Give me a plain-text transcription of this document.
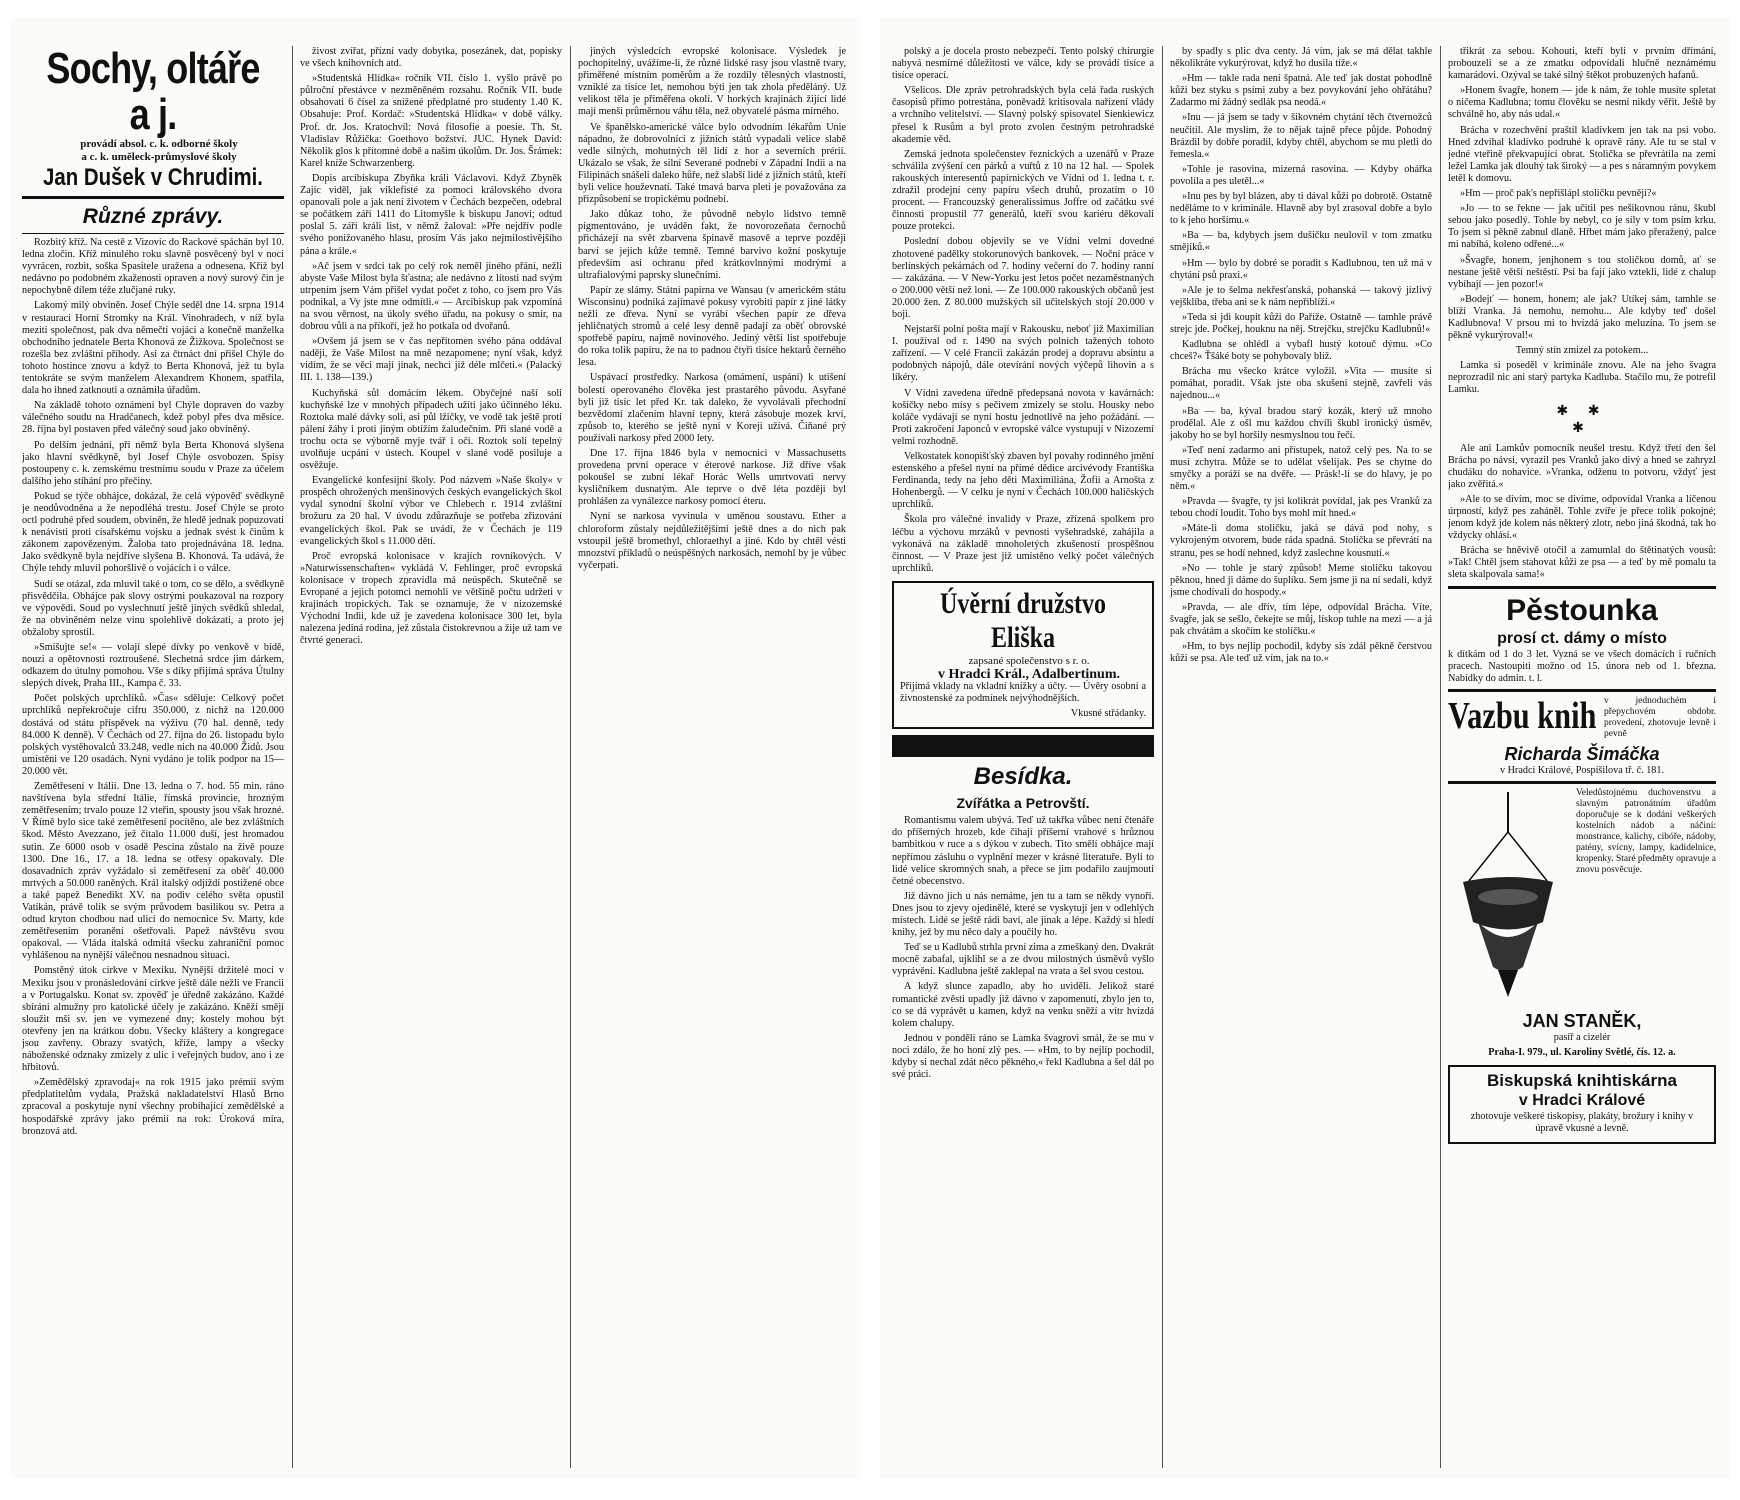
Sochy, oltáře a j.

provádí absol. c. k. odborné školy

a c. k. uměleck-průmyslové školy

Jan Dušek v Chrudimi.
Různé zprávy.

Rozbitý kříž. Na cestě z Vizovic do Rackové spáchán byl 10. ledna zločin. Kříž minulého roku slavně posvěcený byl v noci vyvrácen, rozbit, soška Spasitele uražena a odnesena. Kříž byl nedávno po podobném zkaženosti opraven a nový surový čin je nepochybně dílem téže zlučjané ruky.

Lakomý milý obviněn. Josef Chýle seděl dne 14. srpna 1914 v restauraci Horní Stromky na Král. Vinohradech, v níž byla mezití společnost, pak dva němečtí vojáci a konečně manželka obchodního jednatele Berta Khonová ze Žižkova. Společnost se rozešla bez zvláštní příhody. Asi za čtrnáct dní přišel Chýle do tohoto hostince znovu a když to Berta Khonová, jež tu byla tentokráte se svým manželem Alexandrem Khonem, spatřila, dala ho ihned zatknouti a oznámila úřadům.

Na základě tohoto oznámení byl Chýle dopraven do vazby válečného soudu na Hradčanech, kdež pobyl přes dva měsíce. 28. října byl postaven před válečný soud jako obviněný.

Po delším jednání, při němž byla Berta Khonová slyšena jako hlavní svědkyně, byl Josef Chýle osvobozen. Spisy postoupeny c. k. zemskému trestnímu soudu v Praze za účelem dalšího jeho stíhání pro přečiny.

Pokud se týče obhájce, dokázal, že celá výpověď svědkyně je neodůvodněna a že nepodléhá trestu. Josef Chýle se proto octl podruhé před soudem, obviněn, že hledě jednak popuzovati k nenávisti proti císařskému vojsku a jednak svést k činům k zákonem zapovězeným. Žaloba tato projednávána 18. ledna. Jako svědkyně byla nejdříve slyšena B. Khonová. Ta udává, že Chýle tehdy mluvil pohoršlivě o vojácích i o válce.

Sudí se otázal, zda mluvil také o tom, co se dělo, a svědkyně přisvědčila. Obhájce pak slovy ostrými poukazoval na rozpory ve výpovědi. Soud po vyslechnutí ještě jiných svědků shledal, že na obviněném nelze vinu spolehlivě dokázati, a proto jej obžaloby sprostil.

»Smíšujte se!« — volají slepé dívky po venkově v bídě, nouzi a opětovnosti roztroušené. Slechetná srdce jim dárkem, odkazem do útulny pomohou. Vše s díky přijímá správa Útulny slepých dívek, Praha III., Kampa č. 33.

Počet polských uprchlíků. »Čas« sděluje: Celkový počet uprchlíků nepřekročuje cifru 350.000, z nichž na 120.000 dostává od státu příspěvek na výživu (70 hal. denně, tedy 84.000 K denně). V Čechách od 27. října do 26. listopadu bylo polských vystěhovalců 33.248, vedle nich na 40.000 Židů. Jsou umístěni ve 120 osadách. Nyní vydáno je tolik podpor na 15—20.000 vět.

Zemětřesení v Itálii. Dne 13. ledna o 7. hod. 55 min. ráno navštívena byla střední Itálie, římská provincie, hrozným zemětřesením; trvalo pouze 12 vteřin, spousty jsou však hrozné. V Římě bylo sice také zemětřesení pocítěno, ale bez zvláštních škod. Město Avezzano, jež čítalo 11.000 duší, jest hromadou sutin. Ze 6000 osob v osadě Pescina zůstalo na živě pouze 1300. Dne 16., 17. a 18. ledna se otřesy opakovaly. Dle dosavadních zpráv vyžádalo si zemětřesení za oběť 40.000 mrtvých a 50.000 raněných. Král italský odjíždí postižené obce a také papež Benedikt XV. na podiv celého světa opustil Vatikán, právě tolik se svým průvodem basilikou sv. Petra a odtud kryton chodbou nad ulicí do nemocnice Sv. Marty, kde zemětřesením poranění ošetřovali. Papež návštěvu svou opakoval. — Vláda italská odmítá všecku zahraniční pomoc vyhlášenou na nynější válečnou nesnadnou situaci.

Pomstěný útok církve v Mexiku. Nynější držitelé moci v Mexiku jsou v pronásledování církve ještě dále nežli ve Francii a v Portugalsku. Konat sv. zpověď je úředně zakázáno. Každé sbírání almužny pro katolické účely je zakázáno. Kněží smějí sloužit mši sv. jen ve vymezené dny; kostely mohou být otevřeny jen na krátkou dobu. Všecky kláštery a kongregace jsou zavřeny. Obrazy svatých, kříže, lampy a všecky náboženské odznaky zmizely z ulic i veřejných budov, ano i ze hřbitovů.

»Zemědělský zpravodaj« na rok 1915 jako prémií svým předplatitelům vydala, Pražská nakladatelství Hlasů Brno zpracoval a poskytuje nyní všechny probíhající zemědělské a hospodářské zprávy jako prémií na rok: Úroková míra, bronzová atd.

živost zvířat, přízní vady dobytka, posezánek, dat, popisky ve všech knihovních atd.

»Studentská Hlídka« ročník VII. číslo 1. vyšlo právě po půlroční přestávce v nezměněném rozsahu. Ročník VII. bude obsahovati 6 čísel za snížené předplatné pro studenty 1.40 K. Obsahuje: Prof. Kordač: »Studentská Hlídka« v době války. Prof. dr. Jos. Kratochvíl: Nová filosofie a poesie. Th. St. Vladislav Růžička: Goethovo božství. JUC. Hynek David: Několik glos k přítomné době a našim úkolům. Dr. Jos. Šrámek: Karel kníže Schwarzenberg.

Dopis arcibiskupa Zbyňka králi Václavovi. Když Zbyněk Zajíc viděl, jak viklefisté za pomoci královského dvora opanovali pole a jak není životem v Čechách bezpečen, odebral se počátkem září 1411 do Litomyšle k biskupu Janovi; odtud poslal 5. září králi list, v němž žaloval: »Pře nejdřív podle svého ponižovaného hlasu, prosím Vás jako nejmilostivějšího pána a krále.«

»Ač jsem v srdci tak po celý rok neměl jiného přání, nežli abyste Vaše Milost byla šťastna; ale nedávno z lítosti nad svým utrpením jsem Vám přišel vydat počet z toho, co jsem pro Vás podnikal, a Vy jste mne odmítli.« — Arcibiskup pak vzpomíná na svou věrnost, na úkoly svého úřadu, na pokusy o smír, na dobrou vůli a na příkoří, jež ho potkala od dvořanů.

»Ovšem já jsem se v čas nepřítomen svého pána oddával naději, že Vaše Milost na mně nezapomene; nyní však, když vidím, že se věci mají jinak, nechci již déle mlčeti.« (Palacký III. 1. 138—139.)

Kuchyňská sůl domácím lékem. Obyčejné naší soli kuchyňské lze v mnohých případech užíti jako účinného léku. Roztoka malé dávky soli, asi půl lžičky, ve vodě tak ještě proti pálení žáhy i proti jiným obtížím žaludečním. Při slané vodě a trochu octa se výborně myje tvář i oči. Roztok soli tepelný uvolňuje ucpání v ústech. Koupel v slané vodě posiluje a osvěžuje.

Evangelické konfesijní školy. Pod názvem »Naše školy« v prospěch ohrožených menšinových českých evangelických škol vydal synodní školní výbor ve Chlebech r. 1914 zvláštní brožuru za 20 hal. V úvodu zdůrazňuje se potřeba zřizování evangelických škol. Pak se uvádí, že v Čechách je 119 evangelických škol s 11.000 dětí.

Proč evropská kolonisace v krajích rovníkových. V »Naturwissenschaften« vykládá V. Fehlinger, proč evropská kolonisace v tropech zpravidla má neúspěch. Skutečně se Evropané a jejich potomci nemohli ve většině počtu udržeti v krajinách tropických. Tak se oznamuje, že v nizozemské Východní Indii, kde už je zavedena kolonisace 300 let, byla nalezena jediná rodina, jež zůstala čistokrevnou a žije už tam ve čtvrté generaci.

jiných výsledcích evropské kolonisace. Výsledek je pochopitelný, uvážíme-li, že různé lidské rasy jsou vlastně tvary, přiměřené místním poměrům a že rozdíly tělesných vlastností, vzniklé za tisíce let, nemohou býti jen tak zhola předěláný. Už velikost těla je přiměřena okolí. V horkých krajinách žijící lidé mají menší průměrnou váhu těla, než obyvatelé pásma mírného.

Ve španělsko-americké válce bylo odvodním lékařům Unie nápadno, že dobrovolníci z jižních států vypadali velice slabě vedle silných, mohutných těl lidí z hor a severních prérií. Ukázalo se však, že silní Severané podnebí v Západní Indii a na Filipinách snášeli daleko hůře, než slabší lidé z jižních států, kteří byli velice houževnatí. Také tmavá barva pleti je považována za přizpůsobení se tropickému podnebí.

Jako důkaz toho, že původně nebylo lidstvo temně pigmentováno, je uváděn fakt, že novorozeňata černochů přicházejí na svět zbarvena špinavě masově a teprve později barví se jejich kůže temně. Temné barvivo kožní poskytuje především asi ochranu před krátkovlnnými modrými a ultrafialovými paprsky slunečními.

Papír ze slámy. Státní papírna ve Wansau (v americkém státu Wisconsinu) podniká zajímavé pokusy vyrobiti papír z jiné látky nežli ze dřeva. Nyní se vyrábí všechen papír ze dřeva jehličnatých stromů a celé lesy denně padají za oběť obrovské spotřebě papíru, najmě novinového. Jediný větší list spotřebuje do roka tolik papíru, že na to padnou čtyři tisíce hektarů černého lesa.

Uspávací prostředky. Narkosa (omámení, uspání) k utišení bolestí operovaného člověka jest prastarého původu. Asyřané byli již tisíc let před Kr. tak daleko, že vyvolávali přechodní bezvědomí zlačením hlavní tepny, která zásobuje mozek krví, způsob to, kterého se ještě nyní v Koreji užívá. Čiňané prý používali narkosy před 2000 lety.

Dne 17. října 1846 byla v nemocnici v Massachusetts provedena první operace v éterové narkose. Již dříve však pokoušel se zubní lékař Horác Wells umrtvovati nervy kysličníkem dusnatým. Ale teprve o dvě léta později byl prohlášen za vynálezce narkosy pomocí éteru.

Nyní se narkosa vyvinula v uměnou soustavu. Ether a chloroform zůstaly nejdůležitějšími ještě dnes a do nich pak vstoupil ještě bromethyl, chloraethyl a jiné. Kdo by chtěl vésti mnozství příkladů o neúspěšných narkosách, nemohl by je vůbec vyčerpati.

polský a je docela prosto nebezpečí. Tento polský chirurgie nabyvá nesmírné důležitosti ve válce, kdy se provádí tisíce a tisíce operací.

Všelicos. Dle zpráv petrohradských byla celá řada ruských časopisů přímo potrestána, poněvadž kritisovala nařízení vlády a vrchního velitelství. — Slavný polský spisovatel Sienkiewicz přesel k Rusům a byl proto zvolen čestným petrohradské akademie věd.

Zemská jednota společenstev řeznických a uzenářů v Praze schválila zvýšení cen párků a vuřtů z 10 na 12 hal. — Spolek rakouských interesentů papírnických ve Vídni od 1. ledna t. r. zdražil prodejní ceny papíru všech druhů, prozatím o 10 procent. — Francouzský generalissimus Joffre od začátku své činnosti propustil 77 generálů, kteří svou kariéru děkovali pouze protekci.

Poslední dobou objevily se ve Vídni velmi dovedné zhotovené padělky stokorunových bankovek. — Noční práce v berlínských pekárnách od 7. hodiny večerní do 7. hodiny ranní — zakázána. — V New-Yorku jest letos počet nezaměstnaných o 200.000 větší než loni. — Ze 100.000 rakouských občanů jest 20.000 žen. Z 80.000 mužských sil učitelských stojí 20.000 v boji.

Nejstarší polní pošta mají v Rakousku, neboť již Maximilian I. používal od r. 1490 na svých polních tažených tohoto zařízení. — V celé Francii zakázán prodej a dopravu absintu a podobných nápojů, dále otevírání nových výčepů lihovin a s líkéry.

V Vídni zavedena úředně předepsaná novota v kavárnách: košíčky nebo mísy s pečivem zmizely se stolu. Housky nebo koláče vydávají se nyní hostu jednotlivě na jeho požádání. — Proti zakročení Japonců v evropské válce vystupují v Nizozemí velmi rozhodně.

Velkostatek konopišťský zbaven byl povahy rodinného jmění estenského a přešel nyní na přímé dědice arcivévody Františka Ferdinanda, tedy na jeho děti Maximiliána, Žofii a Arnošta z Hohenbergů. — V celku je nyní v Čechách 100.000 haličských uprchlíků.

Škola pro válečné invalidy v Praze, zřízená spolkem pro léčbu a výchovu mrzáků v pevnosti vyšehradské, zahájila a vykonává na základě mnoholetých zkušeností prospěšnou činnost. — V Praze jest již umístěno velký počet válečných uprchlíků.

Úvěrní družstvo Eliška

zapsané společenstvo s r. o.

v Hradci Král., Adalbertinum.

Přijímá vklady na vkladní knížky a účty. — Úvěry osobní a živnostenské za podmínek nejvýhodnějších.

Vkusné střádanky.

Besídka.
Zvířátka a Petrovští.

Romantismu valem ubývá. Teď už takřka vůbec není čtenáře do příšerných hrozeb, kde čihají příšerní vrahové s hrůznou bambitkou v ruce a s dýkou v zubech. Tito smělí obhájce mají nepřímou zásluhu o vyplnění mezer v krásné literatuře. Byli to lidé velice skromných snah, a přece se jim podařilo zaujmouti četné obecenstvo.

Již dávno jich u nás nemáme, jen tu a tam se někdy vynoří. Dnes jsou to zjevy ojedinělé, které se vyskytují jen v odlehlých místech. Lidé se ještě rádi baví, ale jinak a lépe. Každý si hledí knihy, jež by mu něco daly a poučily ho.

Teď se u Kadlubů strhla první zima a zmeškaný den. Dvakrát mocně zabafal, ujklihl se a ze dvou milostných úsměvů vyšlo vyprávění. Kadlubna ještě zaklepal na vrata a šel svou cestou.

A když slunce zapadlo, aby ho uviděli. Jelikož staré romantické zvěsti upadly již dávno v zapomenutí, zbylo jen to, co se dá vyprávět u kamen, když na venku sněží a vítr hvízdá kolem chalupy.

Jednou v pondělí ráno se Lamka švagrovi smál, že se mu v noci zdálo, že ho honí zlý pes. — »Hm, to by nejlíp pochodil, kdyby si nechal zdát něco pěkného,« řekl Kadlubna a šel dál po své práci.

by spadly s plic dva centy. Já vím, jak se má dělat takhle několikráte vykurýrovat, když ho dusila tíže.«

»Hm — takle rada není špatná. Ale teď jak dostat pohodlně kůži bez styku s psími zuby a bez povykování jeho ohřátáhu? Zadarmo mi žádný sedlák psa neodá.«

»Inu — já jsem se tady v šikovném chytání těch čtvernožců neučitil. Ale myslím, že to nějak tajně přece půjde. Pohodný Brázdil by dobře poradil, kdyby chtěl, abychom se mu pletli do řemesla.«

»Tohle je rasovina, mizerná rasovina. — Kdyby ohářka povolila a pes uletěl...«

»Inu pes by byl blázen, aby ti dával kůži po dobrotě. Ostatně neděláme to v kriminále. Hlavně aby byl zrasoval dobře a bylo to k jeho horšímu.«

»Ba — ba, kdybych jsem dušičku neulovil v tom zmatku smějíků.«

»Hm — bylo by dobré se poradit s Kadlubnou, ten už má v chytání psů praxi.«

»Ale je to šelma nekřesťanská, pohanská — takový jízlivý vejšklíba, třeba ani se k nám nepřiblíží.«

»Teda si jdi koupit kůži do Paříže. Ostatně — tamhle právě strejc jde. Počkej, houknu na něj. Strejčku, strejčku Kadlubnů!«

Kadlubna se ohlédl a vybafl hustý kotouč dýmu. »Co chceš?« Ťšáké boty se pohybovaly blíž.

Brácha mu všecko krátce vyložil. »Vita — musíte si pomáhat, poradit. Však jste oba skušení stejně, zavřeli vás najednou...«

»Ba — ba, kýval bradou starý kozák, který už mnoho prodělal. Ale z ošl mu každou chvíli škubl ironický úsměv, jakoby ho se byl horšily nesmyslnou tou řečí.

»Teď není zadarmo ani přístupek, natož celý pes. Na to se musí zchytra. Může se to udělat všelijak. Pes se chytne do smyčky a poráží se na dvěře. — Prásk!-li se do hlavy, je po něm.«

»Pravda — švagře, ty jsi kolikrát povídal, jak pes Vranků za tebou chodí loudit. Toho bys mohl mít hned.«

»Máte-li doma stoličku, jaká se dává pod nohy, s vykrojeným otvorem, bude ráda spadná. Stolička se převrátí na stranu, pes se hodí nehned, když zaslechne kousnutí.«

»No — tohle je starý způsob! Meme stoličku takovou pěknou, hned ji dáme do šuplíku. Sem jsme ji na ní sedali, když jsme chodívali do hospody.«

»Pravda, — ale dřív, tím lépe, odpovídal Brácha. Víte, švagře, jak se sešlo, čekejte se můj, lískop tuhle na mezi — a já pak chvátám a skočím ke stolíčku.«

»Hm, to bys nejlíp pochodil, kdyby sis zdál pěkně čerstvou kůži se psa. Ale teď už vím, jak na to.«

třikrát za sebou. Kohouti, kteří byli v prvním dřímání, probouzeli se a ze zmatku odpovídali hlučně neznámému kamarádovi. Ozýval se také silný štěkot probuzených hafanů.

»Honem švagře, honem — jde k nám, že tohle musíte spletat o ničema Kadlubna; tomu člověku se nesmí nikdy věřit. Ještě by schválně ho, aby nás udal.«

Brácha v rozechvění praštil kladivkem jen tak na psí vobo. Hned zdvihal kladívko podruhé k opravě rány. Ale tu se stal v jedné vteřině překvapující obrat. Stolička se převrátila na zemi ležel Lamka jak dlouhý tak široký — a pes s náramným povykem letěl k domovu.

»Hm — proč pak's nepřišlápl stoličku pevněji?«

»Jo — to se řekne — jak učitil pes nešikovnou ránu, škubl sebou jako posedlý. Tohle by nebyl, co je síly v tom psím krku. To jsem si pěkně zabnul dlaně. Hřbet mám jako přeražený, palce mi nabíhá, koleno odřené...«

»Švagře, honem, jenjhonem s tou stoličkou domů, ať se nestane ještě větší neštěstí. Psi ba fají jako vztekli, lidé z chalup vybíhají — jen pozor!«

»Bodejť — honem, honem; ale jak? Utíkej sám, tamhle se blíží Vranka. Já nemohu, nemohu... Ale kdyby teď došel Kadlubnova! V prsou mi to hvízdá jako meluzína. To jsem se pěkně vykurýroval!«

Temný stín zmizel za potokem...

Lamka si poseděl v kriminále znovu. Ale na jeho švagra neprozradil nic ani starý partyka Kadluba. Stačilo mu, že potrefil Lamku.

✱ ✱
✱

Ale ani Lamkův pomocník neušel trestu. Když třetí den šel Brácha po návsi, vyrazil pes Vranků jako divý a hned se zahryzl chudáku do nohavice. »Vranka, odženu to potvoru, vždyť jest jako zvěřitá.«

»Ale to se divím, moc se divíme, odpovídal Vranka a líčenou úrpností, když pes zaháněl. Tohle zvíře je přece tolik pokojné; jenom když jde kolem nás některý zlotr, nebo jiná škodná, tak ho vždycky ohlásí.«

Brácha se hněvivě otočil a zamumlal do štětinatých vousů: »Tak! Chtěl jsem stahovat kůži ze psa — a teď by mě pomalu ta sleta skalpovala sama!«

Pěstounka
prosí ct. dámy o místo

k dítkám od 1 do 3 let. Vyzná se ve všech domácích i ručních pracech. Nastoupiti možno od 15. února neb od 1. března. Nabídky do admin. t. l.

Vazbu knih v jednoduchém i přepychovém obdobr. provedení, zhotovuje levně i pevně

Richarda Šimáčka

v Hradci Králové, Pospíšilova tř. č. 181.

Veledůstojnému duchovenstvu a slavným patronátním úřadům doporučuje se k dodání veškerých kostelních nádob a náčiní: monstrance, kalichy, cibóře, nádoby, patény, svícny, lampy, kadidelnice, kropenky. Staré předměty opravuje a znovu posvěcuje.

JAN STANĚK,

pasíř a cizelér

Praha-I. 979., ul. Karoliny Světlé, čís. 12. a.

Biskupská knihtiskárna
v Hradci Králové

zhotovuje veškeré tiskopisy, plakáty, brožury i knihy v úpravě vkusné a levně.
